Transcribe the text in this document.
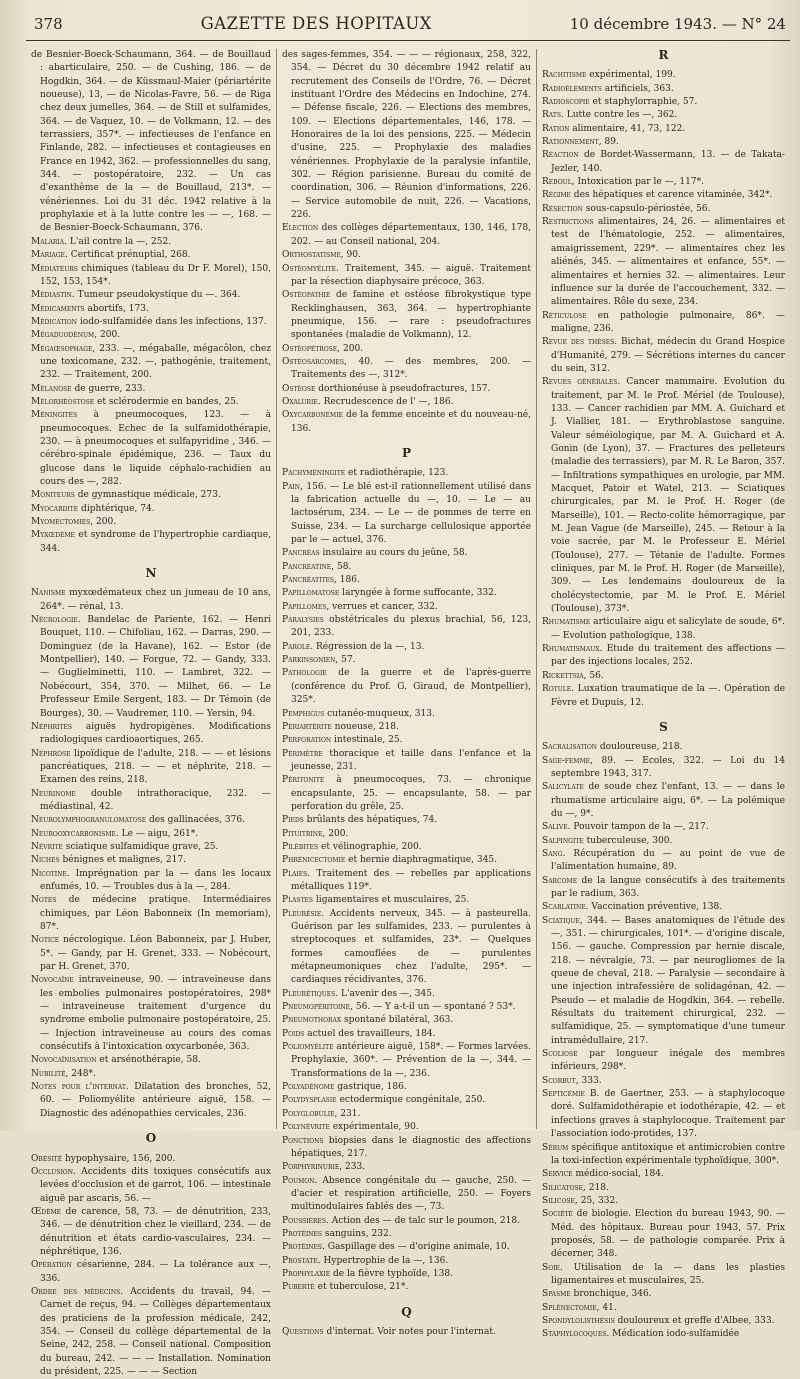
378	GAZETTE DES HOPITAUX	10 décembre 1943. — N° 24

de Besnier-Boeck-Schaumann, 364. — de Bouillaud : abarticulaire, 250. — de Cushing, 186. — de Hogdkin, 364. — de Küssmaul-Maier (périartérite noueuse), 13, — de Nicolas-Favre, 56. — de Riga chez deux jumelles, 364. — de Still et sulfamides, 364. — de Vaquez, 10. — de Volkmann, 12. — des terrassiers, 357*. — infectieuses de l'enfance en Finlande, 282. — infectieuses et contagieuses en France en 1942, 362. — professionnelles du sang, 344. — postopératoire, 232. — Un cas d'exanthème de la — de Bouillaud, 213*. — vénériennes. Loi du 31 déc. 1942 relative à la prophylaxie et à la lutte contre les — —, 168. — de Besnier-Boeck-Schaumann, 376.

Malaria. L'ail contre la —, 252.

Mariage. Certificat prénuptial, 268.

Médiateurs chimiques (tableau du Dr F. Morel), 150, 152, 153, 154*.

Médiastin. Tumeur pseudokystique du —. 364.

Médicaments abortifs, 173.

Médication iodo-sulfamidée dans les infections, 137.

Mégaduodénum, 200.

Mégaœsophage, 233. —, mégaballe, mégacôlon, chez une toxicomane, 232. —, pathogénie, traitement, 232. — Traitement, 200.

Mélanose de guerre, 233.

Mélorhéostose et sclérodermie en bandes, 25.

Méningites à pneumocoques, 123. — à pneumocoques. Echec de la sulfamidothérapie, 230. — à pneumocoques et sulfapyridine , 346. — cérébro-spinale épidémique, 236. — Taux du glucose dans le liquide céphalo-rachidien au cours des —, 282.

Moniteurs de gymnastique médicale, 273.

Myocardite diphtérique, 74.

Myomectomies, 200.

Myxœdème et syndrome de l'hypertrophie cardiaque, 344.

N

Nanisme myxœdémateux chez un jumeau de 10 ans, 264*. — rénal, 13.

Nécrologie. Bandelac de Pariente, 162. — Henri Bouquet, 110. — Chifoliau, 162. — Darras, 290. — Dominguez (de la Havane), 162. — Estor (de Montpellier), 140. — Forgue, 72. — Gandy, 333. — Guglielminetti, 110. — Lambret, 322. — Nobécourt, 354, 370. — Milhet, 66. — Le Professeur Emile Sergent, 183. — Dr Témoin (de Bourges), 30. — Vaudremer, 110. — Yersin, 94.

Néphrites aiguës hydropigènes. Modifications radiologiques cardioaortiques, 265.

Néphrose lipoïdique de l'adulte, 218. — — et lésions pancréatiques, 218. — — et néphrite, 218. — Examen des reins, 218.

Neurinome double intrathoracique, 232. — médiastinal, 42.

Neurolymphogranulomatose des gallinacées, 376.

Neurooxycarbonisme. Le — aigu, 261*.

Névrite sciatique sulfamidique grave, 25.

Niches bénignes et malignes, 217.

Nicotine. Imprégnation par la — dans les locaux enfumés, 10. — Troubles dus à la —, 284.

Notes de médecine pratique. Intermédiaires chimiques, par Léon Babonneix (In memoriam), 87*.

Notice nécrologique. Léon Babonneix, par J. Huber, 5*. — Gandy, par H. Grenet, 333. — Nobécourt, par H. Grenet, 370.

Novocaïne intraveineuse, 90. — intraveineuse dans les embolies pulmonaires postopératoires, 298* — intraveineuse traitement d'urgence du syndrome embolie pulmonaire postopératoire, 25. — Injection intraveineuse au cours des comas consécutifs à l'intoxication oxycarbonée, 363.

Novocaïnisation et arsénothérapie, 58.

Nubilité, 248*.

Notes pour l'internat. Dilatation des bronches, 52, 60. — Poliomyélite antérieure aiguë, 158. — Diagnostic des adénopathies cervicales, 236.

O

Obésité hypophysaire, 156, 200.

Occlusion. Accidents dits toxiques consécutifs aux levées d'occlusion et de garrot, 106. — intestinale aiguë par ascaris, 56. —

Œdème de carence, 58, 73. — de dénutrition, 233, 346. — de dénutrition chez le vieillard, 234. — de dénutrition et états cardio-vasculaires, 234. — néphrétique, 136.

Opération césarienne, 284. — La tolérance aux —, 336.

Ordre des médecins. Accidents du travail, 94. — Carnet de reçus, 94. — Collèges départementaux des praticiens de la profession médicale, 242, 354. — Conseil du collège départemental de la Seine, 242, 258. — Conseil national. Composition du bureau, 242. — — — Installation. Nomination du président, 225. — — — Section

des sages-femmes, 354. — — — régionaux, 258, 322, 354. — Décret du 30 décembre 1942 relatif au recrutement des Conseils de l'Ordre, 76. — Décret instituant l'Ordre des Médecins en Indochine, 274. — Défense fiscale, 226. — Elections des membres, 109. — Elections départementales, 146, 178. — Honoraires de la loi des pensions, 225. — Médecin d'usine, 225. — Prophylaxie des maladies vénériennes. Prophylaxie de la paralysie infantile, 302. — Région parisienne. Bureau du comité de coordination, 306. — Réunion d'informations, 226. — Service automobile de nuit, 226. — Vacations, 226.

Election des collèges départementaux, 130, 146, 178, 202. — au Conseil national, 204.

Orthostatisme, 90.

Ostéomyélite. Traitement, 345. — aiguë. Traitement par la résection diaphysaire précoce, 363.

Ostéopathie de famine et ostéose fibrokystique type Recklinghausen, 363, 364. — hypertrophiante pneumique, 156. — rare : pseudofractures spontanées (maladie de Volkmann), 12.

Ostéopétrose, 200.

Ostéosarcomes, 40. — des membres, 200. — Traitements des —, 312*.

Ostéose dorthionéuse à pseudofractures, 157.

Oxalurie. Recrudescence de l' —, 186.

Oxycarbonémie de la femme enceinte et du nouveau-né, 136.

P

Pachyméningite et radiothérapie, 123.

Pain, 156. — Le blé est-il rationnellement utilisé dans la fabrication actuelle du —, 10. — Le — au lactosérum, 234. — Le — de pommes de terre en Suisse, 234. — La surcharge cellulosique apportée par le — actuel, 376.

Pancréas insulaire au cours du jeûne, 58.

Pancréatine, 58.

Pancréatites, 186.

Papillomatose laryngée à forme suffocante, 332.

Papillomes, verrues et cancer, 332.

Paralysies obstétricales du plexus brachial, 56, 123, 201, 233.

Parole. Régression de la —, 13.

Parkinsonien, 57.

Pathologie de la guerre et de l'après-guerre (conférence du Prof. G. Giraud, de Montpellier), 325*.

Pemphigus cutanéo-muqueux, 313.

Périartérite noueuse, 218.

Perforation intestinale, 25.

Périmètre thoracique et taille dans l'enfance et la jeunesse, 231.

Péritonite à pneumocoques, 73. — chronique encapsulante, 25. — encapsulante, 58. — par perforation du grêle, 25.

Pieds brûlants des hépatiques, 74.

Pituitrine, 200.

Pilébites et vélinographie, 200.

Phrénicectomie et hernie diaphragmatique, 345.

Plaies. Traitement des — rebelles par applications métalliques 119*.

Plastes ligamentaires et musculaires, 25.

Pleurésie. Accidents nerveux, 345. — à pasteurella. Guérison par les sulfamides, 233. — purulentes à streptocoques et sulfamides, 23*. — Quelques formes camouflées de — purulentes métapneumoniques chez l'adulte, 295*. — cardiaques récidivantes, 376.

Pleurétiques. L'avenir des —, 345.

Pneumopéritoine, 56. — Y a-t-il un — spontané ? 53*.

Pneumothorax spontané bilatéral, 363.

Poids actuel des travailleurs, 184.

Poliomyélite antérieure aiguë, 158*. — Formes larvées. Prophylaxie, 360*. — Prévention de la —, 344. — Transformations de la —, 236.

Polyadénome gastrique, 186.

Polydysplasie ectodermique congénitale, 250.

Polyglobulie, 231.

Polynévrite expérimentale, 90.

Ponctions biopsies dans le diagnostic des affections hépatiques, 217.

Porphyrinurie, 233.

Poumon. Absence congénitale du — gauche, 250. — d'acier et respiration artificielle, 250. — Foyers multinodulaires fablés des —, 73.

Poussières. Action des — de talc sur le poumon, 218.

Protéines sanguins, 232.

Protéines. Gaspillage des — d'origine animale, 10.

Prostate. Hypertrophie de la —, 136.

Prophylaxie de la fièvre typhoïde, 138.

Puberté et tuberculose, 21*.

Q

Questions d'internat. Voir notes pour l'internat.

R

Rachitisme expérimental, 199.

Radioéléments artificiels, 363.

Radioscopie et staphylorraphie, 57.

Rats. Lutte contre les —, 362.

Ration alimentaire, 41, 73, 122.

Rationnement, 89.

Réaction de Bordet-Wassermann, 13. — de Takata-Jezler, 140.

Reboul, Intoxication par le —, 117*.

Régime des hépatiques et carence vitaminée, 342*.

Résection sous-capsulo-périostée, 56.

Restrictions alimentaires, 24, 26. — alimentaires et test de l'hématologie, 252. — alimentaires, amaigrissement, 229*. — alimentaires chez les aliénés, 345. — alimentaires et enfance, 55*. — alimentaires et hernies 32. — alimentaires. Leur influence sur la durée de l'accouchement, 332. — alimentaires. Rôle du sexe, 234.

Réticulose en pathologie pulmonaire, 86*. — maligne, 236.

Revue des thèses. Bichat, médecin du Grand Hospice d'Humanité, 279. — Sécrétions internes du cancer du sein, 312.

Revues générales. Cancer mammaire. Evolution du traitement, par M. le Prof. Mériel (de Toulouse), 133. — Cancer rachidien par MM. A. Guichard et J. Viallier, 181. — Erythroblastose sanguine. Valeur séméiologique, par M. A. Guichard et A. Gonin (de Lyon), 37. — Fractures des pelleteurs (maladie des terrassiers), par M. R. Le Baron, 357. — Infiltrations sympathiques en urologie, par MM. Macquet, Patoir et Watel, 213. — Sciatiques chirurgicales, par M. le Prof. H. Roger (de Marseille), 101. — Recto-colite hémorragique, par M. Jean Vague (de Marseille), 245. — Retour à la voie sacrée, par M. le Professeur E. Mériel (Toulouse), 277. — Tétanie de l'adulte. Formes cliniques, par M. le Prof. H. Roger (de Marseille), 309. — Les lendemains douloureux de la cholécystectomie, par M. le Prof. E. Mériel (Toulouse), 373*.

Rhumatisme articulaire aigu et salicylate de soude, 6*. — Evolution pathologique, 138.

Rhumatismaux. Etude du traitement des affections — par des injections locales, 252.

Rickettsia, 56.

Rotule. Luxation traumatique de la —. Opération de Fèvre et Dupuis, 12.

S

Sacralisation douloureuse, 218.

Sage-femme, 89. — Ecoles, 322. — Loi du 14 septembre 1943, 317.

Salicylate de soude chez l'enfant, 13. — — dans le rhumatisme articulaire aigu, 6*. — La polémique du —, 9*.

Salive. Pouvoir tampon de la —, 217.

Salpingite tuberculeuse, 300.

Sang. Récupération du — au point de vue de l'alimentation humaine, 89.

Sarcome de la langue consécutifs à des traitements par le radium, 363.

Scarlatine. Vaccination préventive, 138.

Sciatique, 344. — Bases anatomiques de l'étude des —, 351. — chirurgicales, 101*. — d'origine discale, 156. — gauche. Compression par hernie discale, 218. — névralgie, 73. — par neurogliomes de la queue de cheval, 218. — Paralysie — secondaire à une injection intrafessière de solidagénan, 42. — Pseudo — et maladie de Hogdkin, 364. — rebelle. Résultats du traitement chirurgical, 232. — sulfamidique, 25. — symptomatique d'une tumeur intramédullaire, 217.

Scoliose par longueur inégale des membres inférieurs, 298*.

Scorbut, 333.

Septicémie B. de Gaertner, 253. — à staphylocoque doré. Sulfamidothérapie et iodothérapie, 42. — et infections graves à staphylocoque. Traitement par l'association iodo-protides, 137.

Sérum spécifique antitoxique et antimicrobien contre la toxi-infection expérimentale typhoïdique, 300*.

Service médico-social, 184.

Silicatose, 218.

Silicose, 25, 332.

Société de biologie. Election du bureau 1943, 90. — Méd. des hôpitaux. Bureau pour 1943, 57. Prix proposés, 58. — de pathologie comparée. Prix à décerner, 348.

Soie. Utilisation de la — dans les plasties ligamentaires et musculaires, 25.

Spasme bronchique, 346.

Splénectomie, 41.

Spondylolisthésis douloureux et greffe d'Albee, 333.

Staphylocoques. Médication iodo-sulfamidée
